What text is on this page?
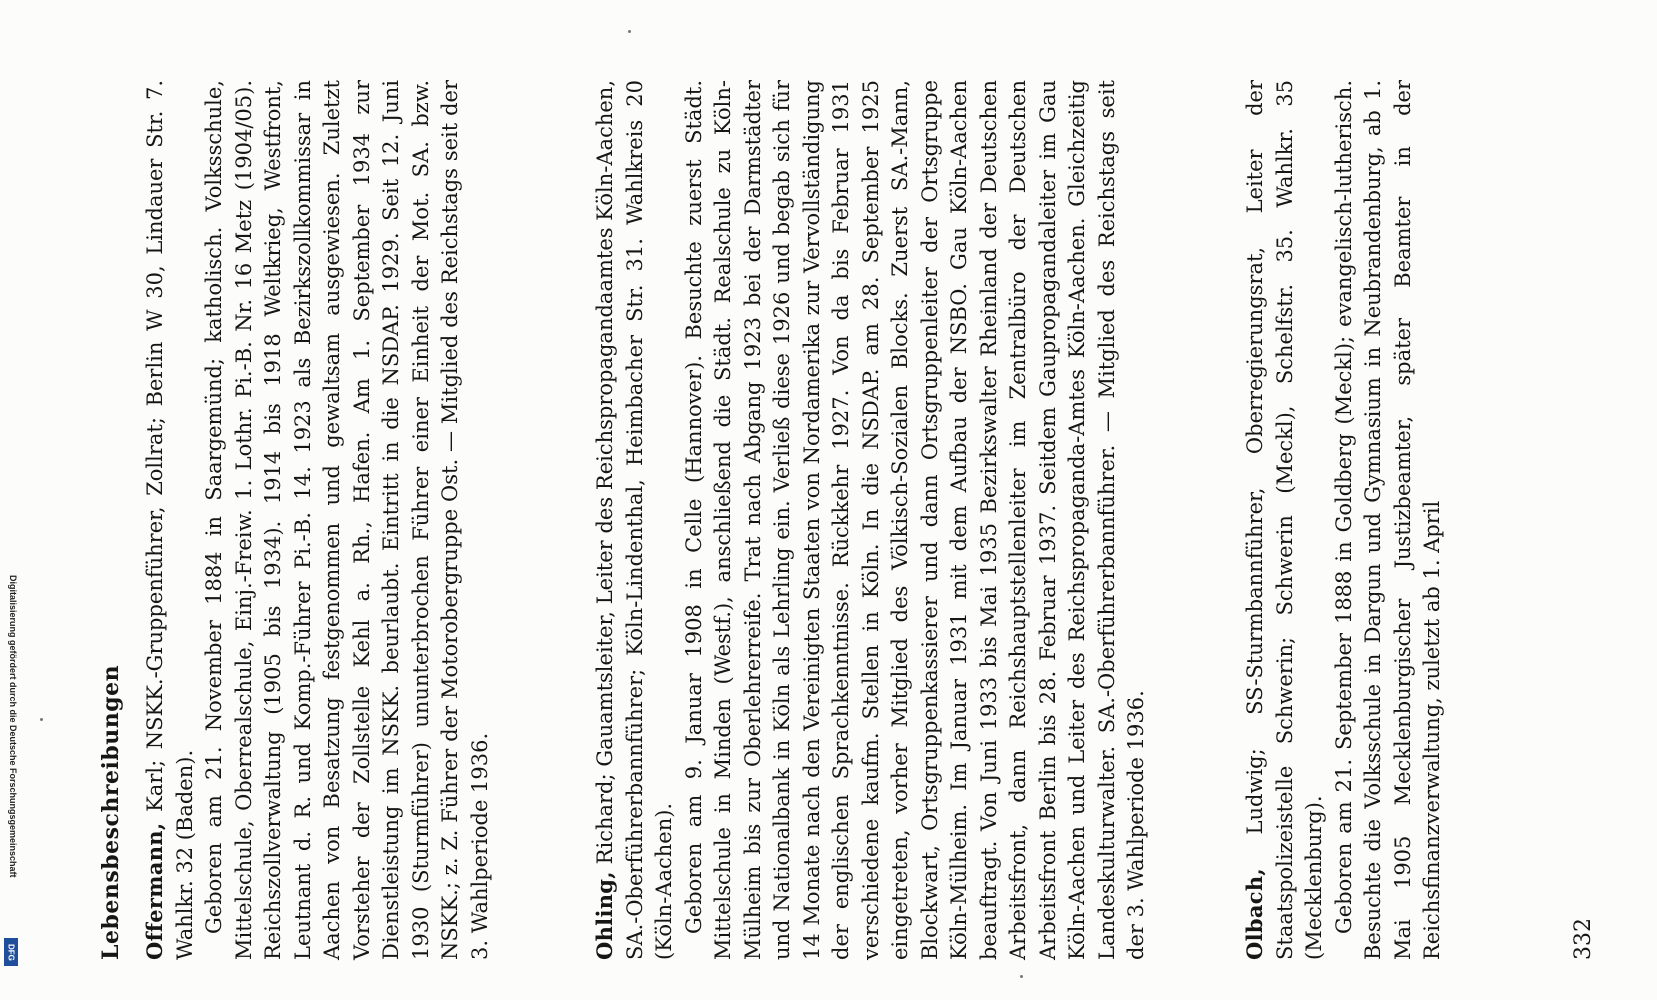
Lebensbeschreibungen Offermann, Karl; NSKK.-Gruppenführer, Zollrat; Berlin W 30, Lindauer Str. 7. Wahlkr. 32 (Baden). Geboren am 21. November 1884 in Saargemünd; katholisch. Volksschule, Mittelschule, Oberrealschule, Einj.-Freiw. 1. Lothr. Pi.-B. Nr. 16 Metz (1904/05). Reichszollverwaltung (1905 bis 1934). 1914 bis 1918 Weltkrieg, Westfront, Leutnant d. R. und Komp.-Führer Pi.-B. 14. 1923 als Bezirkszollkommissar in Aachen von Besatzung festgenommen und gewaltsam ausgewiesen. Zuletzt Vorsteher der Zollstelle Kehl a. Rh., Hafen. Am 1. September 1934 zur Dienstleistung im NSKK. beurlaubt. Eintritt in die NSDAP. 1929. Seit 12. Juni 1930 (Sturmführer) ununterbrochen Führer einer Einheit der Mot. SA. bzw. NSKK.; z. Z. Führer der Motorobergruppe Ost. — Mitglied des Reichstags seit der 3. Wahlperiode 1936.	Ohling, Richard; Gauamtsleiter, Leiter des Reichspropagandaamtes Köln-Aachen, SA.-Oberführerbannführer; Köln-Lindenthal, Heimbacher Str. 31. Wahlkreis 20 (Köln-Aachen). Geboren am 9. Januar 1908 in Celle (Hannover). Besuchte zuerst Städt. Mittelschule in Minden (Westf.), anschließend die Städt. Realschule zu Köln-Mülheim bis zur Oberlehrerreife. Trat nach Abgang 1923 bei der Darmstädter und Nationalbank in Köln als Lehrling ein. Verließ diese 1926 und begab sich für 14 Monate nach den Vereinigten Staaten von Nordamerika zur Vervollständigung der englischen Sprachkenntnisse. Rückkehr 1927. Von da bis Februar 1931 verschiedene kaufm. Stellen in Köln. In die NSDAP. am 28. September 1925 eingetreten, vorher Mitglied des Völkisch-Sozialen Blocks. Zuerst SA.-Mann, Blockwart, Ortsgruppenkassierer und dann Ortsgruppenleiter der Ortsgruppe Köln-Mülheim. Im Januar 1931 mit dem Aufbau der NSBO. Gau Köln-Aachen beauftragt. Von Juni 1933 bis Mai 1935 Bezirkswalter Rheinland der Deutschen Arbeitsfront, dann Reichshauptstellenleiter im Zentralbüro der Deutschen Arbeitsfront Berlin bis 28. Februar 1937. Seitdem Gaupropagandaleiter im Gau Köln-Aachen und Leiter des Reichspropaganda-Amtes Köln-Aachen. Gleichzeitig Landeskulturwalter. SA.-Oberführerbannführer. — Mitglied des Reichstags seit der 3. Wahlperiode 1936.	Olbach, Ludwig; SS-Sturmbannführer, Oberregierungsrat, Leiter der Staatspolizeistelle Schwerin; Schwerin (Meckl), Schelfstr. 35. Wahlkr. 35 (Mecklenburg). Geboren am 21. September 1888 in Goldberg (Meckl); evangelisch-lutherisch. Besuchte die Volksschule in Dargun und Gymnasium in Neubrandenburg, ab 1. Mai 1905 Mecklenburgischer Justizbeamter, später Beamter in der Reichsfinanzverwaltung, zuletzt ab 1. April	332
Digitalisierung gefördert durch die Deutsche Forschungsgemeinschaft
DFG
